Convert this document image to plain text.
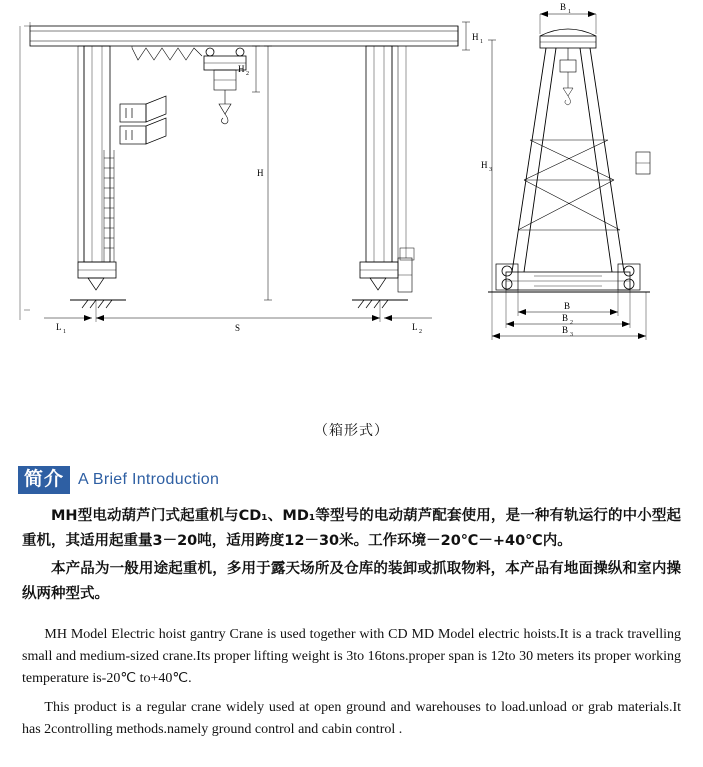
H 1
H 2
H
S
L 1	L 2
B 1
H 3
B
B 2
B 3
（箱形式）
简介 A Brief Introduction

MH型电动葫芦门式起重机与CD₁、MD₁等型号的电动葫芦配套使用，是一种有轨运行的中小型起重机，其适用起重量3－20吨，适用跨度12－30米。工作环境－20℃－+40℃内。

本产品为一般用途起重机，多用于露天场所及仓库的装卸或抓取物料，本产品有地面操纵和室内操纵两种型式。

MH Model Electric hoist gantry Crane is used together with CD MD Model electric hoists.It is a track travelling small and medium-sized crane.Its proper lifting weight is 3to 16tons.proper span is 12to 30 meters its proper working temperature is-20℃ to+40℃.

This product is a regular crane widely used at open ground and warehouses to load.unload or grab materials.It has 2controlling methods.namely ground control and cabin control .
